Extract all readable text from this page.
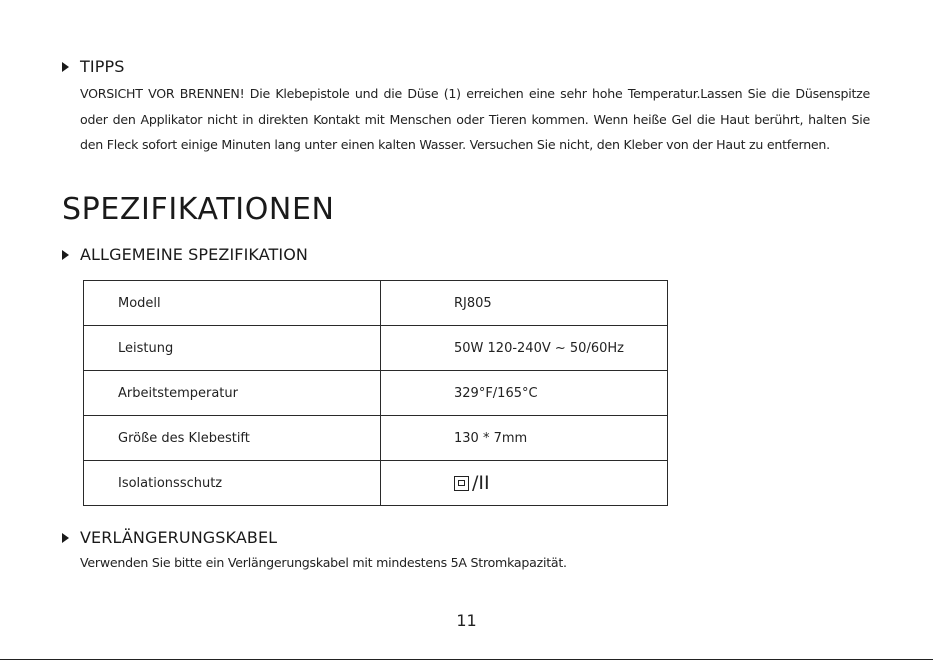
TIPPS

VORSICHT VOR BRENNEN! Die Klebepistole und die Düse (1) erreichen eine sehr hohe Temperatur.Lassen Sie die Düsenspitze oder den Applikator nicht in direkten Kontakt mit Menschen oder Tieren kommen. Wenn heiße Gel die Haut berührt, halten Sie den Fleck sofort einige Minuten lang unter einen kalten Wasser. Versuchen Sie nicht, den Kleber von der Haut zu entfernen.

SPEZIFIKATIONEN
ALLGEMEINE SPEZIFIKATION
Modell	RJ805
Leistung	50W 120-240V ~ 50/60Hz
Arbeitstemperatur	329°F/165°C
Größe des Klebestift	130 * 7mm
Isolationsschutz	/II
VERLÄNGERUNGSKABEL

Verwenden Sie bitte ein Verlängerungskabel mit mindestens 5A Stromkapazität.

11
